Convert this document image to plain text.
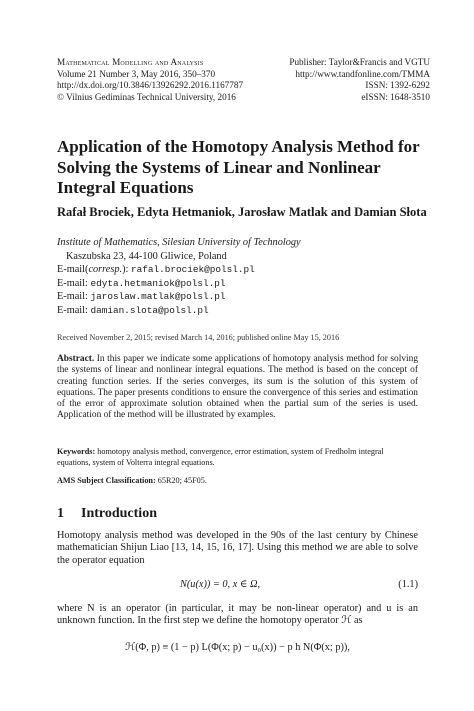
Mathematical Modelling and Analysis
Volume 21 Number 3, May 2016, 350–370
http://dx.doi.org/10.3846/13926292.2016.1167787
© Vilnius Gediminas Technical University, 2016
Publisher: Taylor&Francis and VGTU
http://www.tandfonline.com/TMMA
ISSN: 1392-6292
eISSN: 1648-3510
Application of the Homotopy Analysis Method for Solving the Systems of Linear and Nonlinear Integral Equations
Rafał Brociek, Edyta Hetmaniok, Jarosław Matlak and Damian Słota
Institute of Mathematics, Silesian University of Technology
Kaszubska 23, 44-100 Gliwice, Poland
E-mail(corresp.): rafal.brociek@polsl.pl
E-mail: edyta.hetmaniok@polsl.pl
E-mail: jaroslaw.matlak@polsl.pl
E-mail: damian.slota@polsl.pl
Received November 2, 2015; revised March 14, 2016; published online May 15, 2016
Abstract. In this paper we indicate some applications of homotopy analysis method for solving the systems of linear and nonlinear integral equations. The method is based on the concept of creating function series. If the series converges, its sum is the solution of this system of equations. The paper presents conditions to ensure the convergence of this series and estimation of the error of approximate solution obtained when the partial sum of the series is used. Application of the method will be illustrated by examples.
Keywords: homotopy analysis method, convergence, error estimation, system of Fredholm integral equations, system of Volterra integral equations.
AMS Subject Classification: 65R20; 45F05.
1 Introduction

Homotopy analysis method was developed in the 90s of the last century by Chinese mathematician Shijun Liao [13, 14, 15, 16, 17]. Using this method we are able to solve the operator equation

N(u(x)) = 0, x ∈ Ω,	(1.1)

where N is an operator (in particular, it may be non-linear operator) and u is an unknown function. In the first step we define the homotopy operator ℋ as

ℋ(Φ, p) ≡ (1 − p) L(Φ(x; p) − u₀(x)) − p h N(Φ(x; p)),
